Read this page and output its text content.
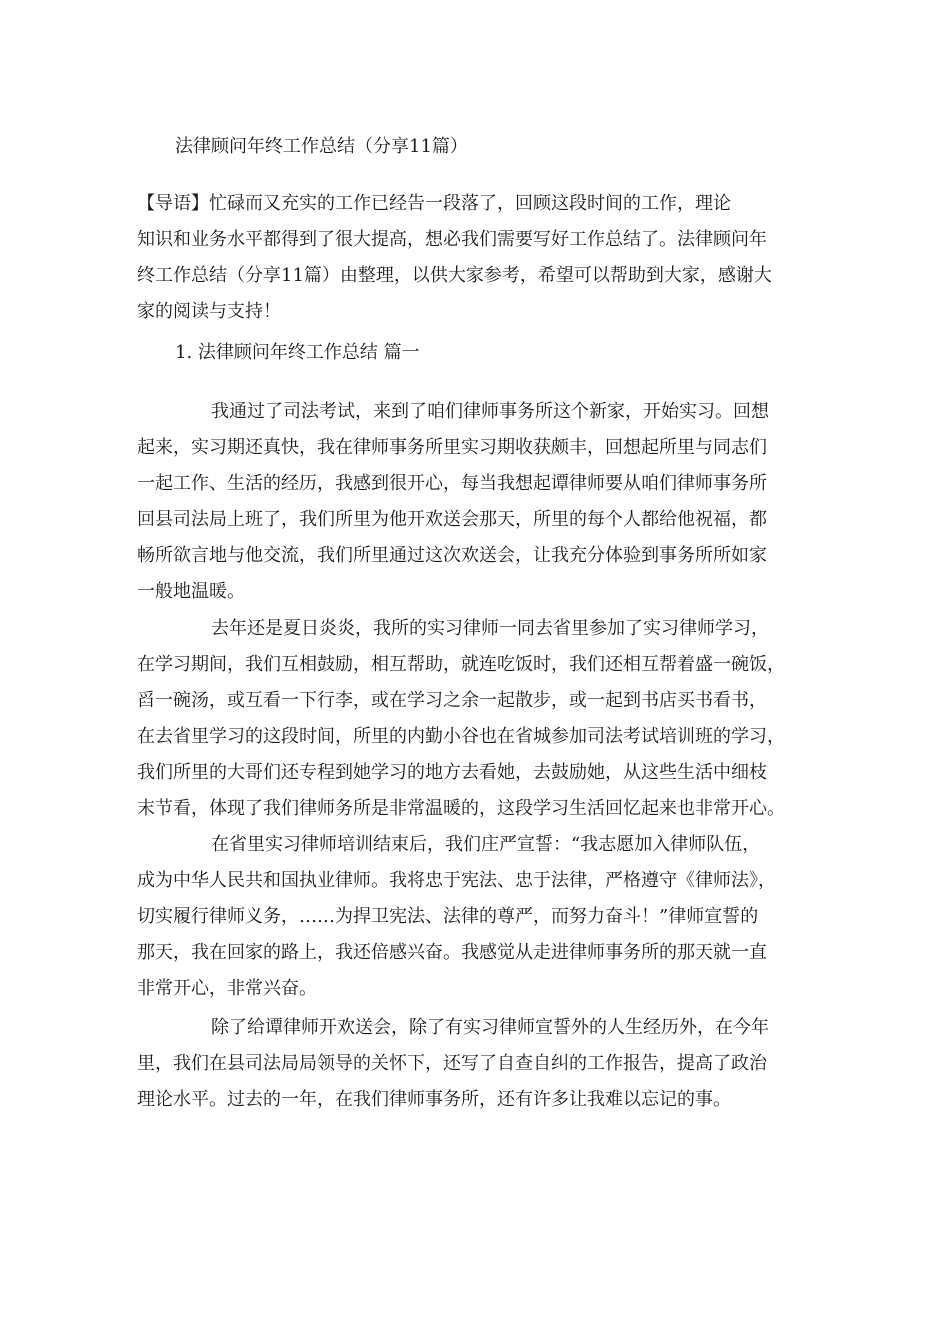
法律顾问年终工作总结（分享11篇）
【导语】忙碌而又充实的工作已经告一段落了，回顾这段时间的工作，理论
知识和业务水平都得到了很大提高，想必我们需要写好工作总结了。法律顾问年
终工作总结（分享11篇）由整理，以供大家参考，希望可以帮助到大家，感谢大
家的阅读与支持！
1. 法律顾问年终工作总结 篇一
我通过了司法考试，来到了咱们律师事务所这个新家，开始实习。回想
起来，实习期还真快，我在律师事务所里实习期收获颇丰，回想起所里与同志们
一起工作、生活的经历，我感到很开心，每当我想起谭律师要从咱们律师事务所
回县司法局上班了，我们所里为他开欢送会那天，所里的每个人都给他祝福，都
畅所欲言地与他交流，我们所里通过这次欢送会，让我充分体验到事务所所如家
一般地温暖。
去年还是夏日炎炎，我所的实习律师一同去省里参加了实习律师学习，
在学习期间，我们互相鼓励，相互帮助，就连吃饭时，我们还相互帮着盛一碗饭，
舀一碗汤，或互看一下行李，或在学习之余一起散步，或一起到书店买书看书，
在去省里学习的这段时间，所里的内勤小谷也在省城参加司法考试培训班的学习，
我们所里的大哥们还专程到她学习的地方去看她，去鼓励她，从这些生活中细枝
末节看，体现了我们律师务所是非常温暖的，这段学习生活回忆起来也非常开心。
在省里实习律师培训结束后，我们庄严宣誓：“我志愿加入律师队伍，
成为中华人民共和国执业律师。我将忠于宪法、忠于法律，严格遵守《律师法》，
切实履行律师义务，……为捍卫宪法、法律的尊严，而努力奋斗！”律师宣誓的
那天，我在回家的路上，我还倍感兴奋。我感觉从走进律师事务所的那天就一直
非常开心，非常兴奋。
除了给谭律师开欢送会，除了有实习律师宣誓外的人生经历外，在今年
里，我们在县司法局局领导的关怀下，还写了自查自纠的工作报告，提高了政治
理论水平。过去的一年，在我们律师事务所，还有许多让我难以忘记的事。
